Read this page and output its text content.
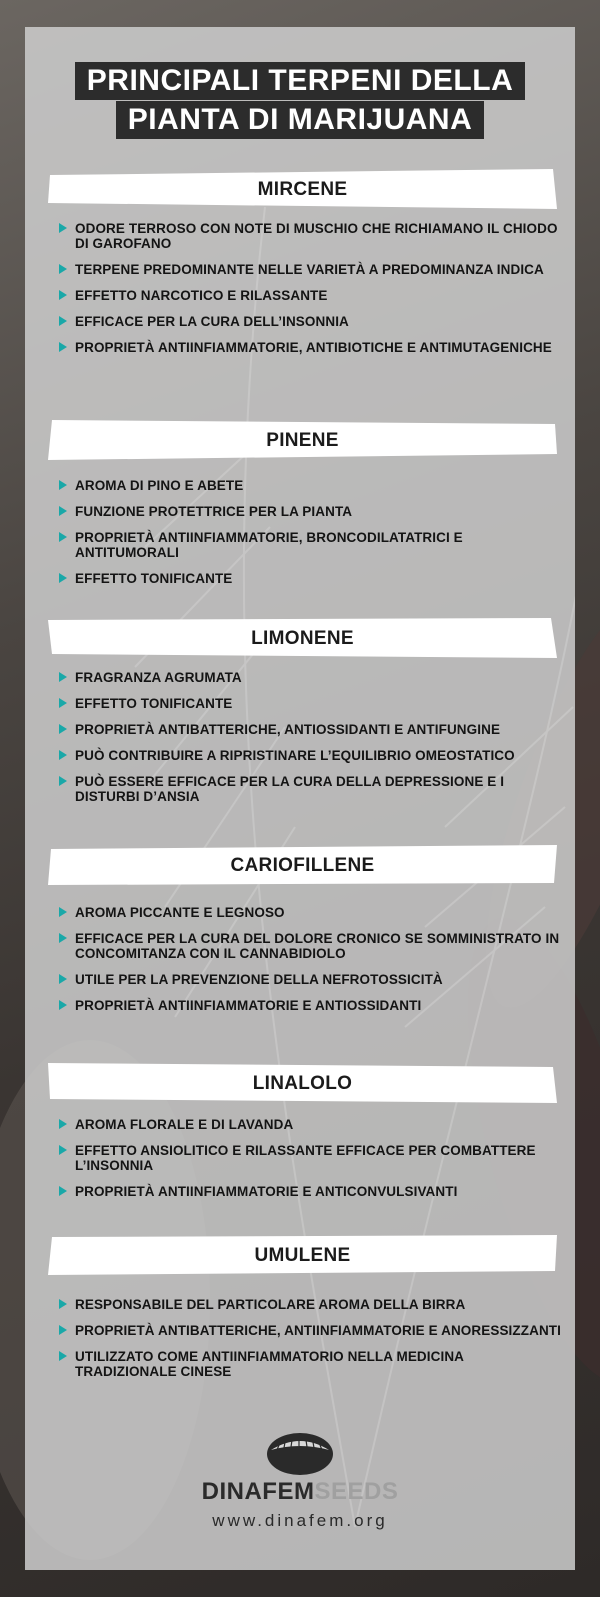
PRINCIPALI TERPENI DELLA
PIANTA DI MARIJUANA
MIRCENE
ODORE TERROSO CON NOTE DI MUSCHIO CHE RICHIAMANO IL CHIODO DI GAROFANO
TERPENE PREDOMINANTE NELLE VARIETÀ A PREDOMINANZA INDICA
EFFETTO NARCOTICO E RILASSANTE
EFFICACE PER LA CURA DELL’INSONNIA
PROPRIETÀ ANTIINFIAMMATORIE, ANTIBIOTICHE E ANTIMUTAGENICHE
PINENE
AROMA DI PINO E ABETE
FUNZIONE PROTETTRICE PER LA PIANTA
PROPRIETÀ ANTIINFIAMMATORIE, BRONCODILATATRICI E ANTITUMORALI
EFFETTO TONIFICANTE
LIMONENE
FRAGRANZA AGRUMATA
EFFETTO TONIFICANTE
PROPRIETÀ ANTIBATTERICHE, ANTIOSSIDANTI E ANTIFUNGINE
PUÒ CONTRIBUIRE A RIPRISTINARE L’EQUILIBRIO OMEOSTATICO
PUÒ ESSERE EFFICACE PER LA CURA DELLA DEPRESSIONE E I DISTURBI D’ANSIA
CARIOFILLENE
AROMA PICCANTE E LEGNOSO
EFFICACE PER LA CURA DEL DOLORE CRONICO SE SOMMINISTRATO IN CONCOMITANZA CON IL CANNABIDIOLO
UTILE PER LA PREVENZIONE DELLA NEFROTOSSICITÀ
PROPRIETÀ ANTIINFIAMMATORIE E ANTIOSSIDANTI
LINALOLO
AROMA FLORALE E DI LAVANDA
EFFETTO ANSIOLITICO E RILASSANTE EFFICACE PER COMBATTERE L’INSONNIA
PROPRIETÀ ANTIINFIAMMATORIE E ANTICONVULSIVANTI
UMULENE
RESPONSABILE DEL PARTICOLARE AROMA DELLA BIRRA
PROPRIETÀ ANTIBATTERICHE, ANTIINFIAMMATORIE E ANORESSIZZANTI
UTILIZZATO COME ANTIINFIAMMATORIO NELLA MEDICINA TRADIZIONALE CINESE
DINAFEMSEEDS
www.dinafem.org
